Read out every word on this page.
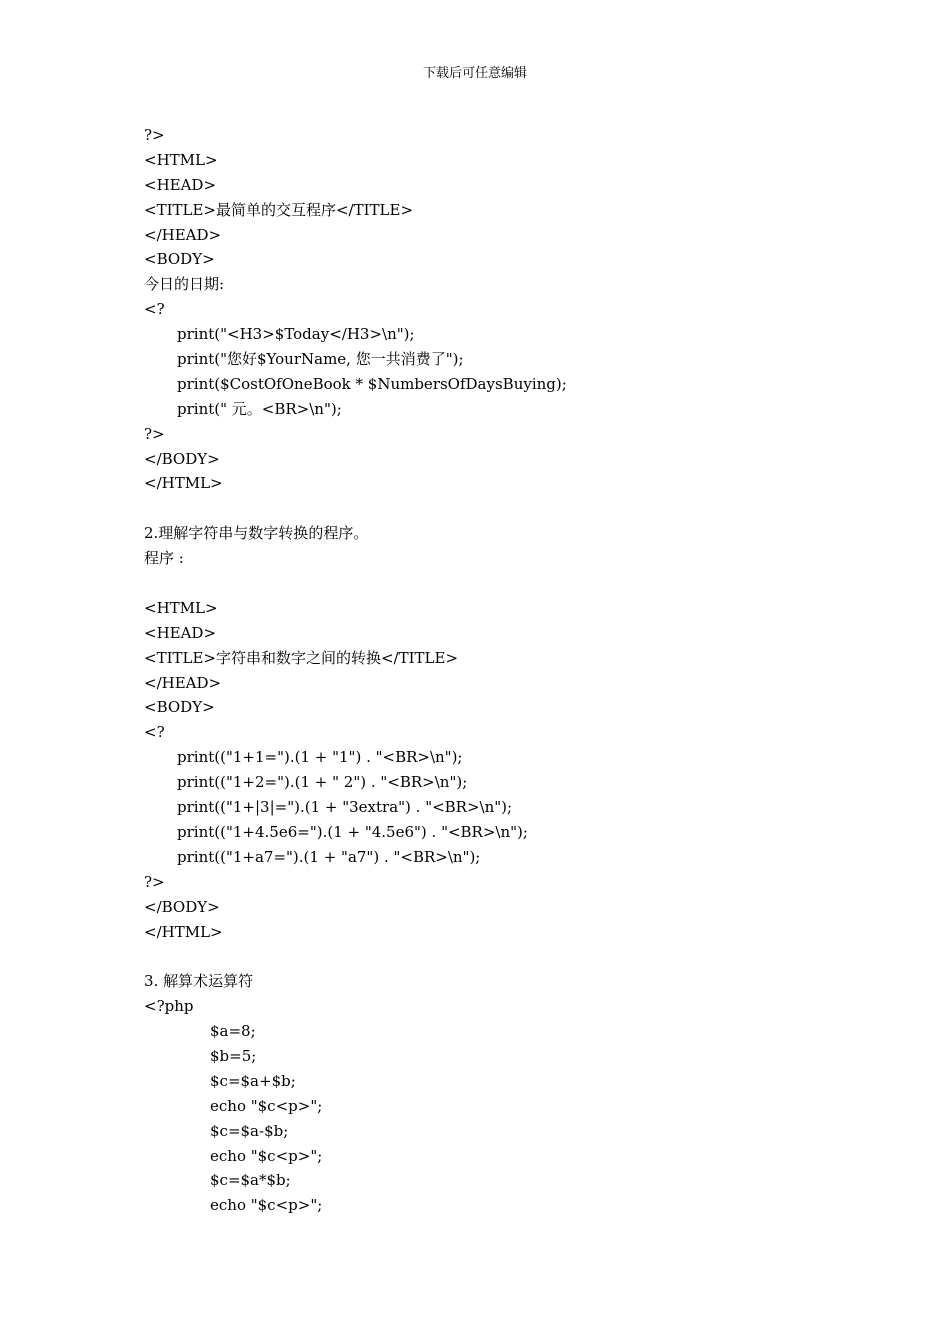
下载后可任意编辑
?>
<HTML>
<HEAD>
<TITLE>最简单的交互程序</TITLE>
</HEAD>
<BODY>
今日的日期:
<?
print("<H3>$Today</H3>\n");
print("您好$YourName, 您一共消费了");
print($CostOfOneBook * $NumbersOfDaysBuying);
print(" 元。<BR>\n");
?>
</BODY>
</HTML>
2.理解字符串与数字转换的程序。
程序 :
<HTML>
<HEAD>
<TITLE>字符串和数字之间的转换</TITLE>
</HEAD>
<BODY>
<?
print(("1+1=").(1 + "1") . "<BR>\n");
print(("1+2=").(1 + " 2") . "<BR>\n");
print(("1+|3|=").(1 + "3extra") . "<BR>\n");
print(("1+4.5e6=").(1 + "4.5e6") . "<BR>\n");
print(("1+a7=").(1 + "a7") . "<BR>\n");
?>
</BODY>
</HTML>
3. 解算术运算符
<?php
$a=8;
$b=5;
$c=$a+$b;
echo "$c<p>";
$c=$a-$b;
echo "$c<p>";
$c=$a*$b;
echo "$c<p>";
